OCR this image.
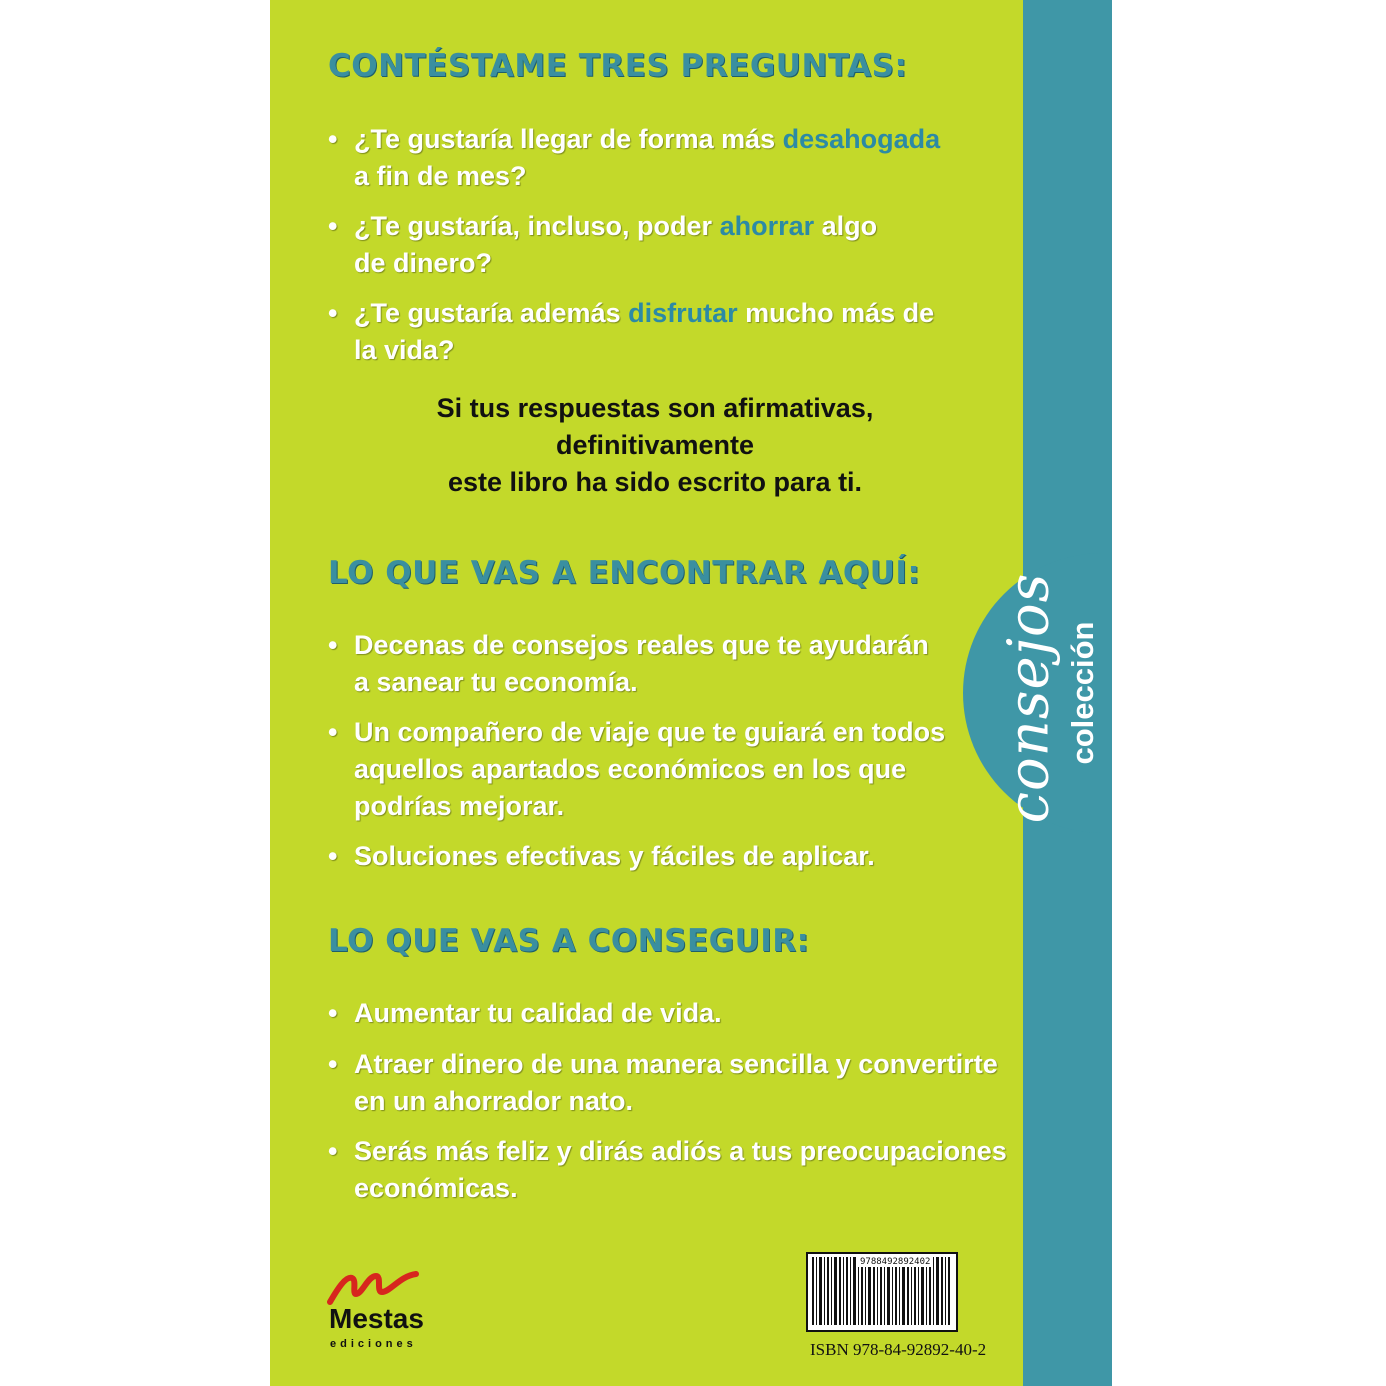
colección
consejos
CONTÉSTAME TRES PREGUNTAS:
• ¿Te gustaría llegar de forma más desahogada
a fin de mes?
• ¿Te gustaría, incluso, poder ahorrar algo
de dinero?
• ¿Te gustaría además disfrutar mucho más de
la vida?
Si tus respuestas son afirmativas,
definitivamente
este libro ha sido escrito para ti.
LO QUE VAS A ENCONTRAR AQUÍ:
• Decenas de consejos reales que te ayudarán
a sanear tu economía.
• Un compañero de viaje que te guiará en todos
aquellos apartados económicos en los que
podrías mejorar.
• Soluciones efectivas y fáciles de aplicar.
LO QUE VAS A CONSEGUIR:
• Aumentar tu calidad de vida.
• Atraer dinero de una manera sencilla y convertirte
en un ahorrador nato.
• Serás más feliz y dirás adiós a tus preocupaciones
económicas.
Mestas
ediciones
9788492892402
ISBN 978-84-92892-40-2
